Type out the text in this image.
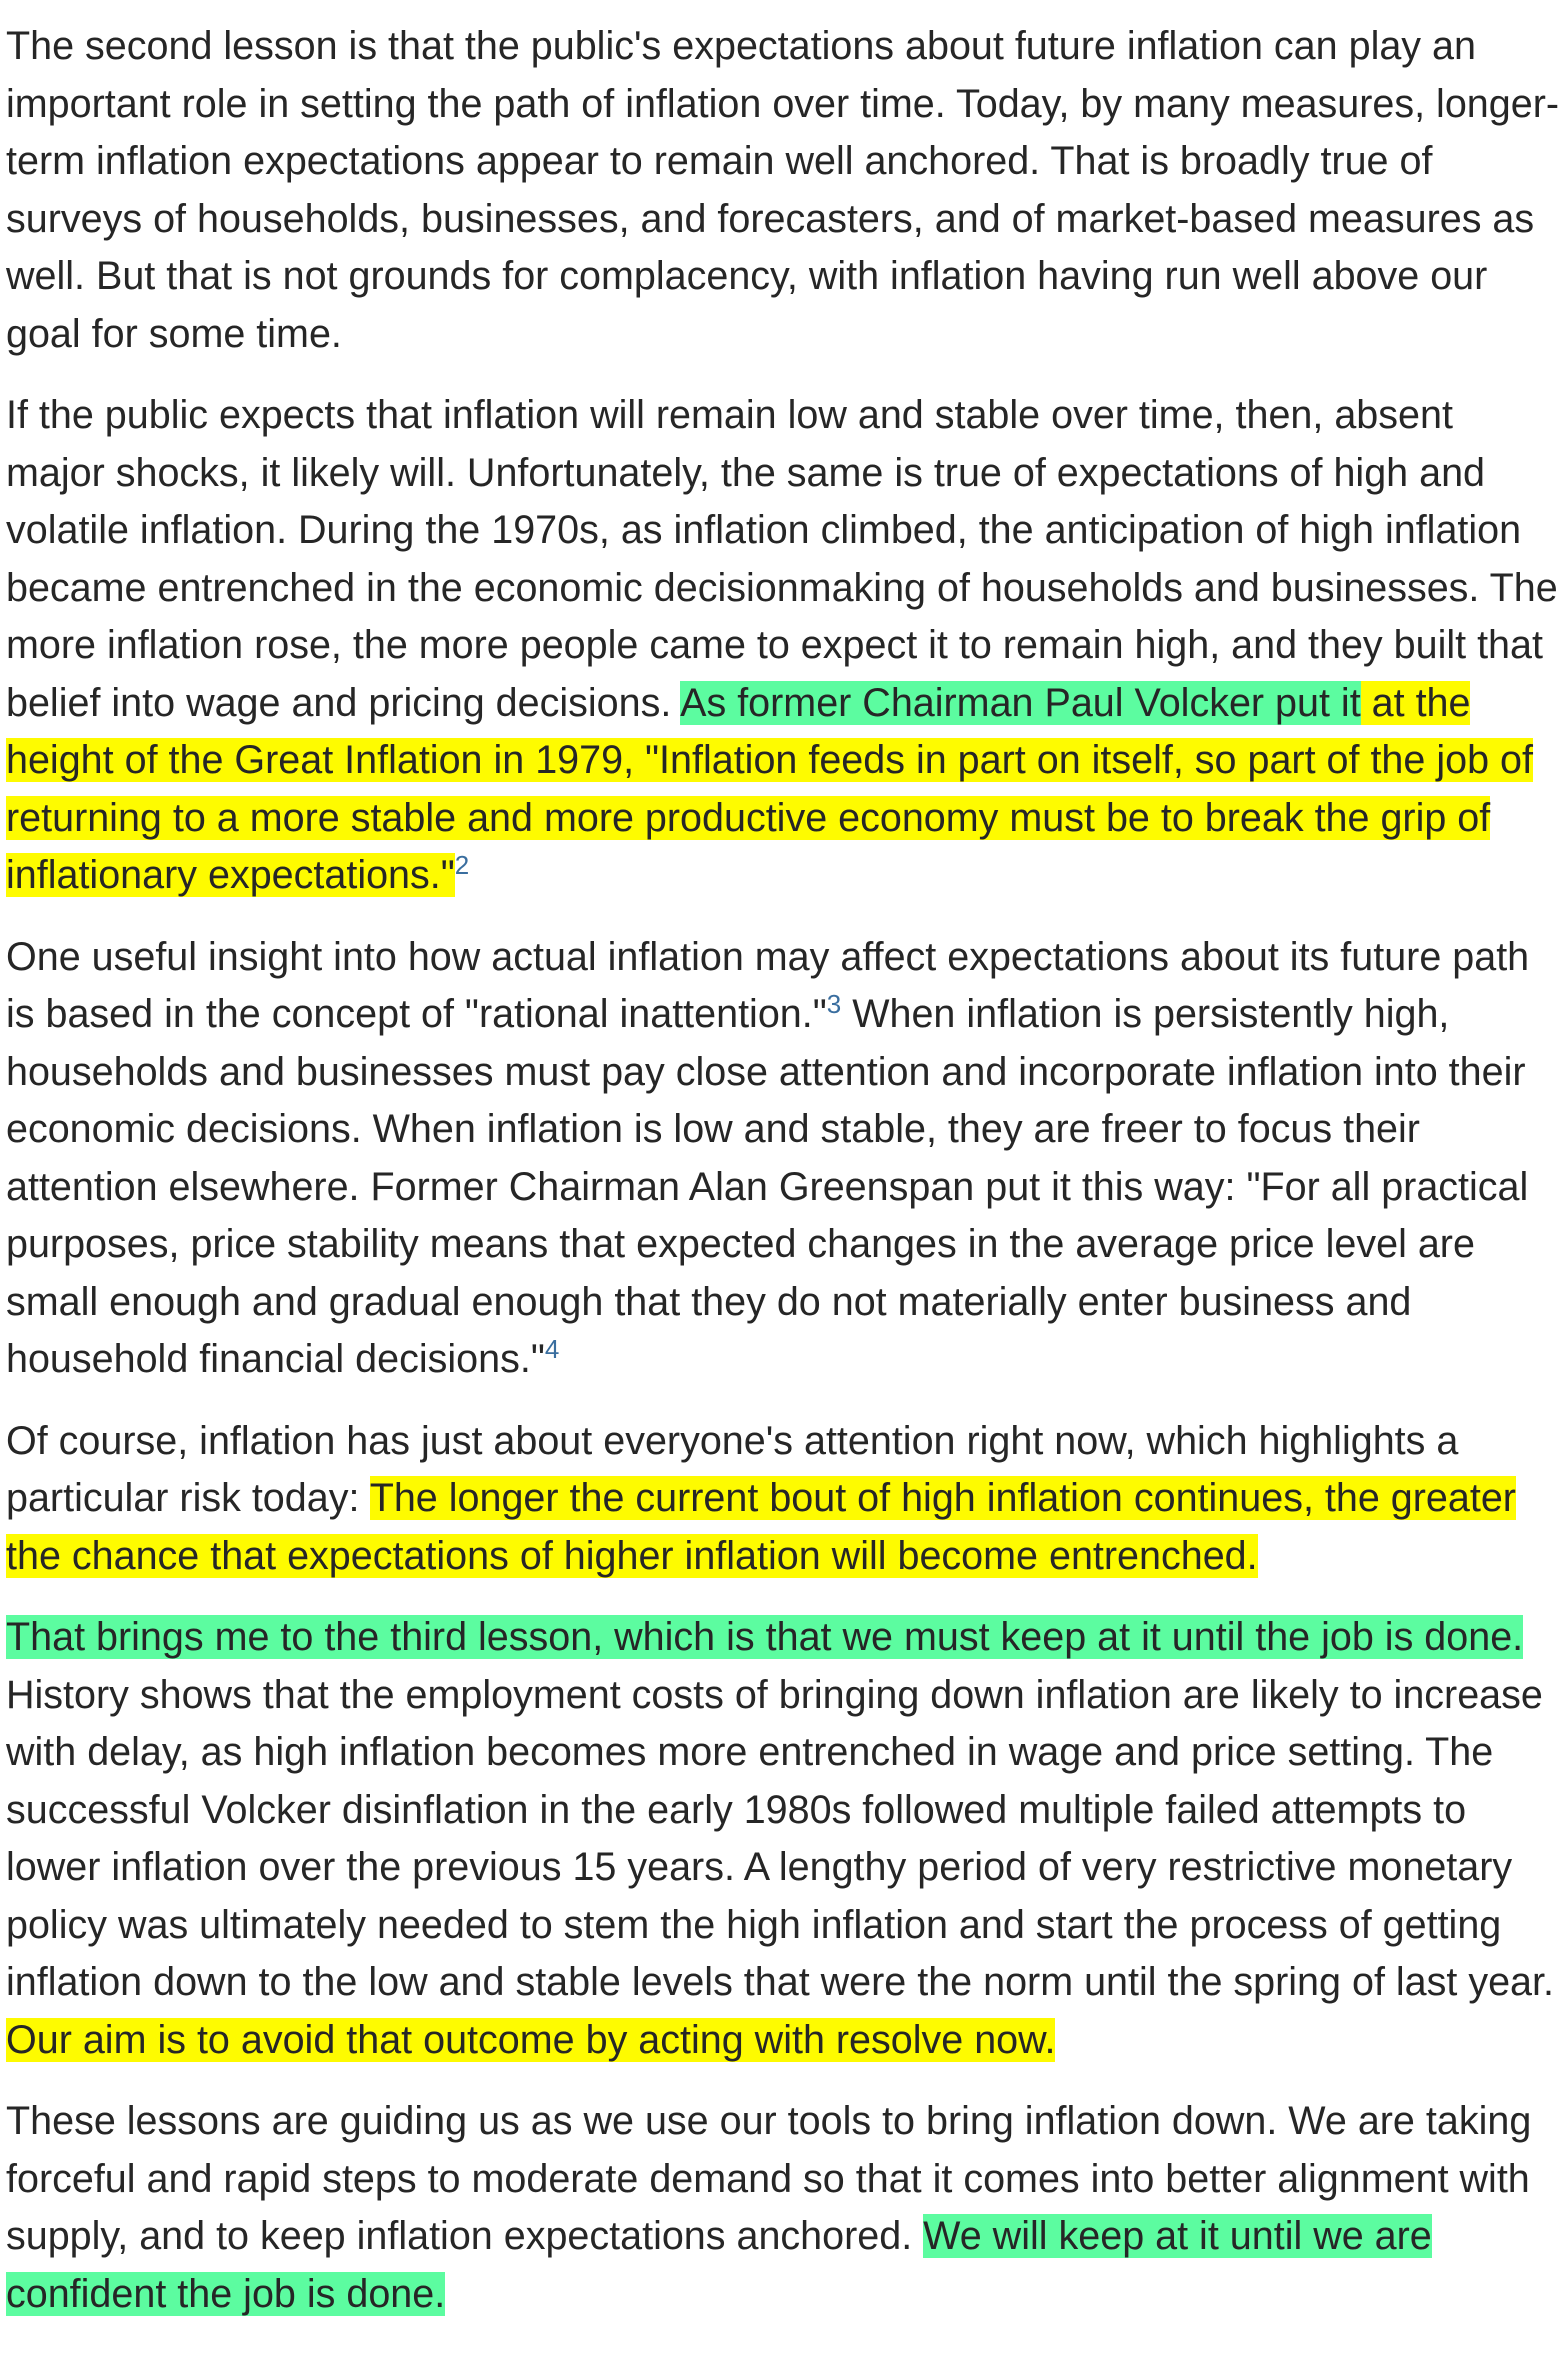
The second lesson is that the public's expectations about future inflation can play an important role in setting the path of inflation over time. Today, by many measures, longer-term inflation expectations appear to remain well anchored. That is broadly true of surveys of households, businesses, and forecasters, and of market-based measures as well. But that is not grounds for complacency, with inflation having run well above our goal for some time.

If the public expects that inflation will remain low and stable over time, then, absent major shocks, it likely will. Unfortunately, the same is true of expectations of high and volatile inflation. During the 1970s, as inflation climbed, the anticipation of high inflation became entrenched in the economic decisionmaking of households and businesses. The more inflation rose, the more people came to expect it to remain high, and they built that belief into wage and pricing decisions. As former Chairman Paul Volcker put it at the height of the Great Inflation in 1979, "Inflation feeds in part on itself, so part of the job of returning to a more stable and more productive economy must be to break the grip of inflationary expectations."$^2$

One useful insight into how actual inflation may affect expectations about its future path is based in the concept of "rational inattention."$^3$ When inflation is persistently high, households and businesses must pay close attention and incorporate inflation into their economic decisions. When inflation is low and stable, they are freer to focus their attention elsewhere. Former Chairman Alan Greenspan put it this way: "For all practical purposes, price stability means that expected changes in the average price level are small enough and gradual enough that they do not materially enter business and household financial decisions."$^4$

Of course, inflation has just about everyone's attention right now, which highlights a particular risk today: The longer the current bout of high inflation continues, the greater the chance that expectations of higher inflation will become entrenched.

That brings me to the third lesson, which is that we must keep at it until the job is done. History shows that the employment costs of bringing down inflation are likely to increase with delay, as high inflation becomes more entrenched in wage and price setting. The successful Volcker disinflation in the early 1980s followed multiple failed attempts to lower inflation over the previous 15 years. A lengthy period of very restrictive monetary policy was ultimately needed to stem the high inflation and start the process of getting inflation down to the low and stable levels that were the norm until the spring of last year. Our aim is to avoid that outcome by acting with resolve now.

These lessons are guiding us as we use our tools to bring inflation down. We are taking forceful and rapid steps to moderate demand so that it comes into better alignment with supply, and to keep inflation expectations anchored. We will keep at it until we are confident the job is done.
